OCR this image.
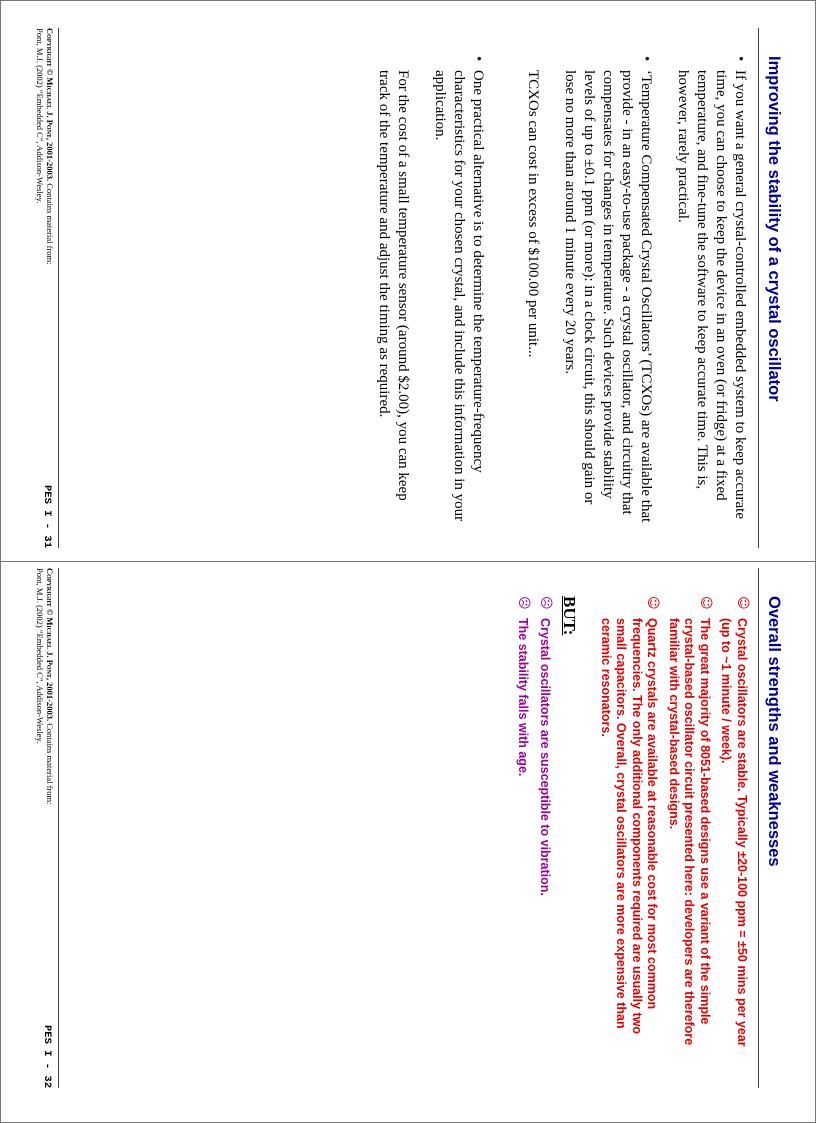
Improving the stability of a crystal oscillator

•
If you want a general crystal-controlled embedded system to keep accurate time, you can choose to keep the device in an oven (or fridge) at a fixed temperature, and fine-tune the software to keep accurate time. This is, however, rarely practical.

•
‘Temperature Compensated Crystal Oscillators’ (TCXOs) are available that provide - in an easy-to-use package - a crystal oscillator, and circuitry that compensates for changes in temperature. Such devices provide stability levels of up to ±0.1 ppm (or more): in a clock circuit, this should gain or lose no more than around 1 minute every 20 years.

TCXOs can cost in excess of $100.00 per unit...

•
One practical alternative is to determine the temperature-frequency characteristics for your chosen crystal, and include this information in your application.

For the cost of a small temperature sensor (around $2.00), you can keep track of the temperature and adjust the timing as required.

Copyright © Michael J. Pont, 2001-2003. Contains material from:
Pont, M.J. (2002) “Embedded C”, Addison-Wesley.
PES I - 31
Overall strengths and weaknesses

☺
Crystal oscillators are stable. Typically ±20-100 ppm = ±50 mins per year (up to ~1 minute / week).

☺
The great majority of 8051-based designs use a variant of the simple crystal-based oscillator circuit presented here: developers are therefore familiar with crystal-based designs.

☺
Quartz crystals are available at reasonable cost for most common frequencies. The only additional components required are usually two small capacitors. Overall, crystal oscillators are more expensive than ceramic resonators.

BUT:

☹
Crystal oscillators are susceptible to vibration.

☹
The stability falls with age.

Copyright © Michael J. Pont, 2001-2003. Contains material from:
Pont, M.J. (2002) “Embedded C”, Addison-Wesley.
PES I - 32
